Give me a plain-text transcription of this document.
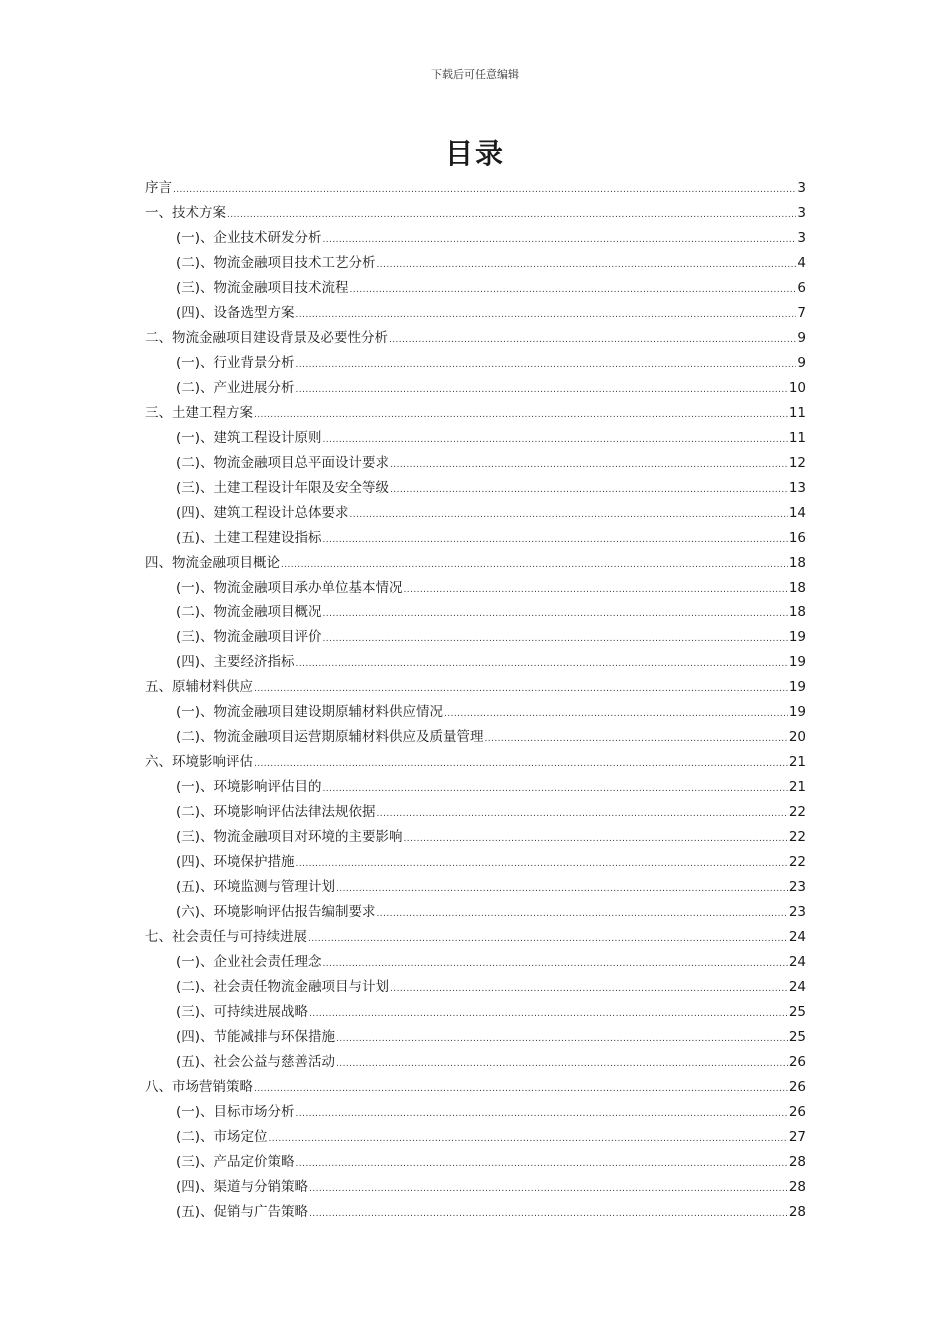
下载后可任意编辑
目录
序言 .....	3
一、技术方案 .....	3
(一)、企业技术研发分析 .....	3
(二)、物流金融项目技术工艺分析 .....	4
(三)、物流金融项目技术流程 .....	6
(四)、设备选型方案 .....	7
二、物流金融项目建设背景及必要性分析 .....	9
(一)、行业背景分析 .....	9
(二)、产业进展分析 .....	10
三、土建工程方案 .....	11
(一)、建筑工程设计原则 .....	11
(二)、物流金融项目总平面设计要求 .....	12
(三)、土建工程设计年限及安全等级 .....	13
(四)、建筑工程设计总体要求 .....	14
(五)、土建工程建设指标 .....	16
四、物流金融项目概论 .....	18
(一)、物流金融项目承办单位基本情况 .....	18
(二)、物流金融项目概况 .....	18
(三)、物流金融项目评价 .....	19
(四)、主要经济指标 .....	19
五、原辅材料供应 .....	19
(一)、物流金融项目建设期原辅材料供应情况 .....	19
(二)、物流金融项目运营期原辅材料供应及质量管理 .....	20
六、环境影响评估 .....	21
(一)、环境影响评估目的 .....	21
(二)、环境影响评估法律法规依据 .....	22
(三)、物流金融项目对环境的主要影响 .....	22
(四)、环境保护措施 .....	22
(五)、环境监测与管理计划 .....	23
(六)、环境影响评估报告编制要求 .....	23
七、社会责任与可持续进展 .....	24
(一)、企业社会责任理念 .....	24
(二)、社会责任物流金融项目与计划 .....	24
(三)、可持续进展战略 .....	25
(四)、节能减排与环保措施 .....	25
(五)、社会公益与慈善活动 .....	26
八、市场营销策略 .....	26
(一)、目标市场分析 .....	26
(二)、市场定位 .....	27
(三)、产品定价策略 .....	28
(四)、渠道与分销策略 .....	28
(五)、促销与广告策略 .....	28
